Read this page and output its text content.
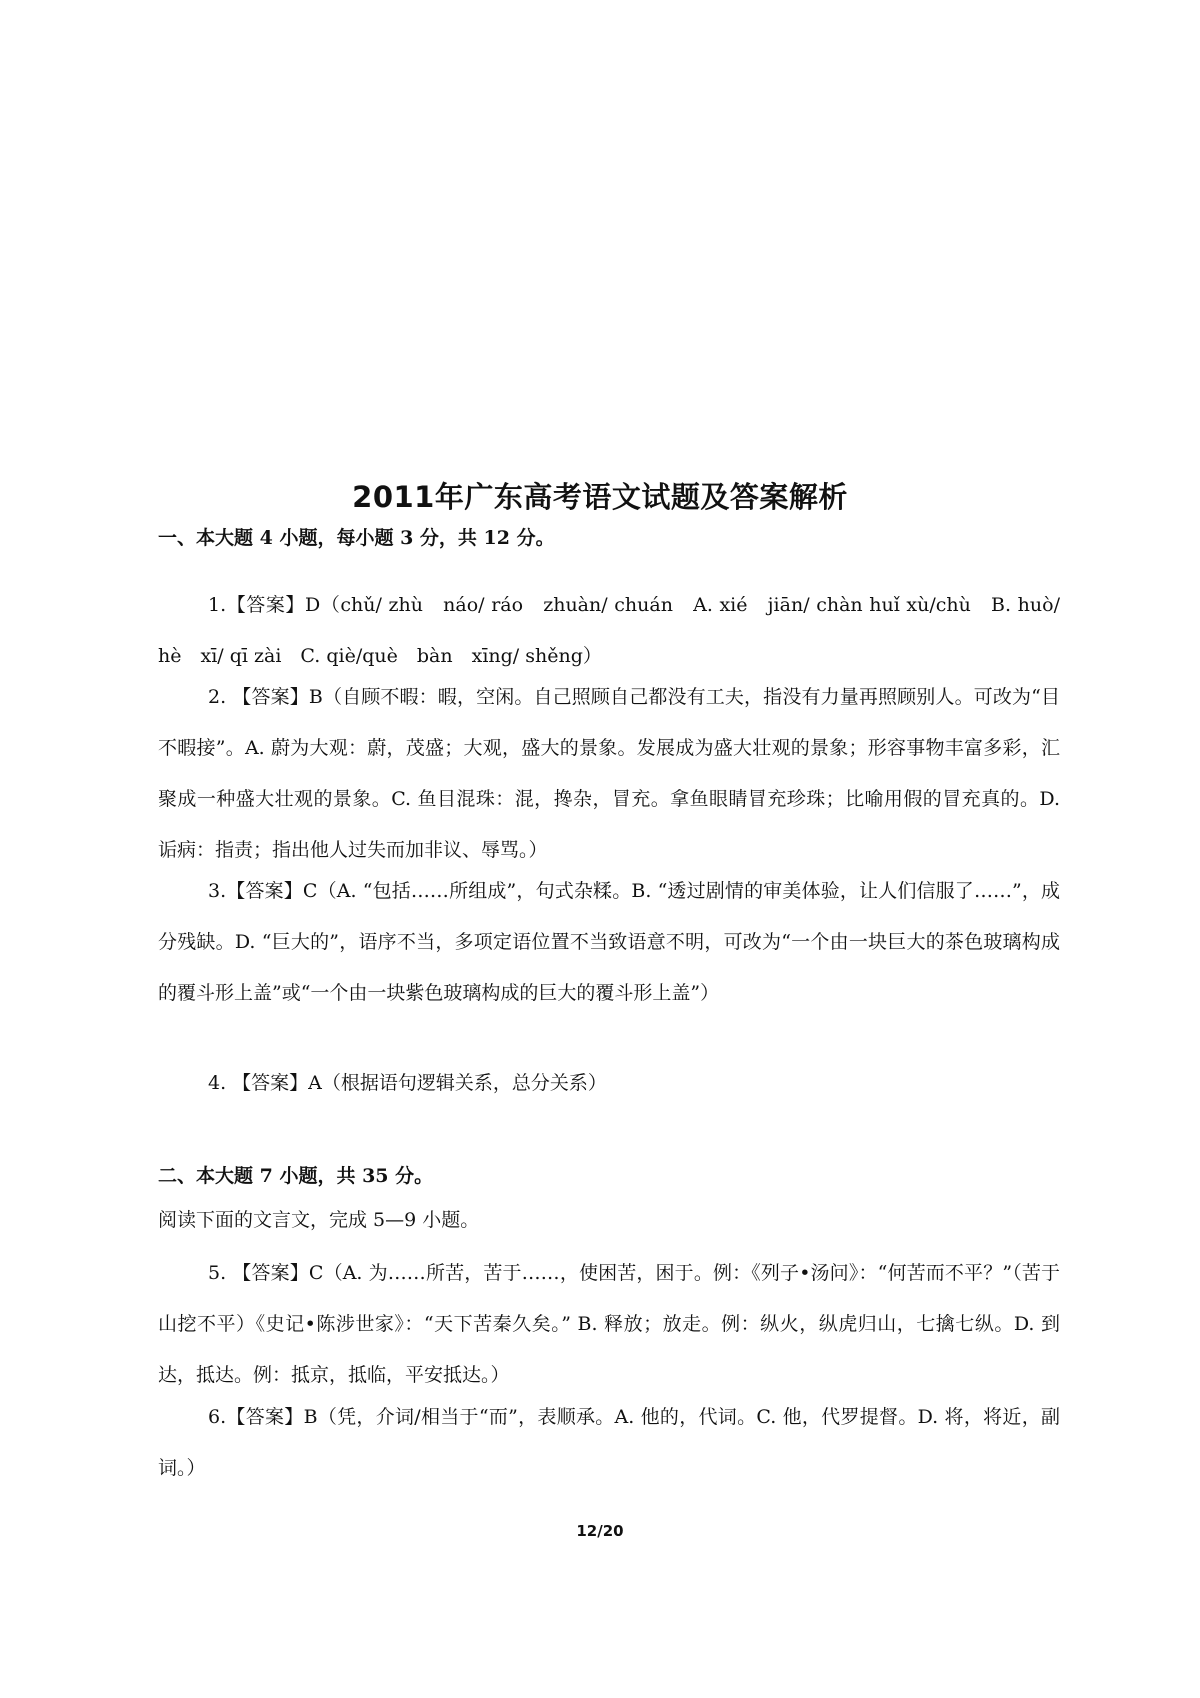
2011年广东高考语文试题及答案解析
一、本大题 4 小题，每小题 3 分，共 12 分。

1.【答案】D（chǔ/ zhù　náo/ ráo　zhuàn/ chuán　A. xié　jiān/ chàn huǐ xù/chù　B. huò/ hè　xī/ qī zài　C. qiè/què　bàn　xīng/ shěng）

2. 【答案】B（自顾不暇：暇，空闲。自己照顾自己都没有工夫，指没有力量再照顾别人。可改为“目不暇接”。A. 蔚为大观：蔚，茂盛；大观，盛大的景象。发展成为盛大壮观的景象；形容事物丰富多彩，汇聚成一种盛大壮观的景象。C. 鱼目混珠：混，搀杂，冒充。拿鱼眼睛冒充珍珠；比喻用假的冒充真的。D. 诟病：指责；指出他人过失而加非议、辱骂。）

3.【答案】C（A. “包括……所组成”，句式杂糅。B. “透过剧情的审美体验，让人们信服了……”，成分残缺。D. “巨大的”，语序不当，多项定语位置不当致语意不明，可改为“一个由一块巨大的茶色玻璃构成的覆斗形上盖”或“一个由一块紫色玻璃构成的巨大的覆斗形上盖”）

4. 【答案】A（根据语句逻辑关系，总分关系）

二、本大题 7 小题，共 35 分。

阅读下面的文言文，完成 5—9 小题。

5. 【答案】C（A. 为……所苦，苦于……，使困苦，困于。例：《列子•汤问》：“何苦而不平？”（苦于山挖不平）《史记•陈涉世家》：“天下苦秦久矣。” B. 释放；放走。例：纵火，纵虎归山，七擒七纵。D. 到达，抵达。例：抵京，抵临，平安抵达。）

6.【答案】B（凭，介词/相当于“而”，表顺承。A. 他的，代词。C. 他，代罗提督。D. 将，将近，副词。）

12/20
